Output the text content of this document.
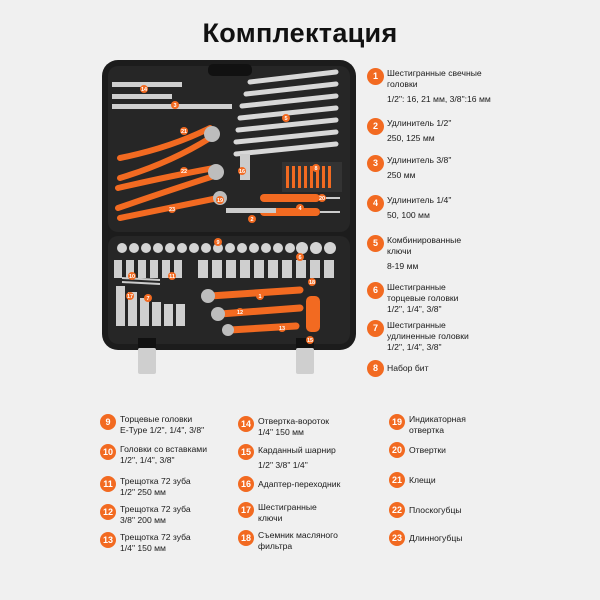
Комплектация
14
3
5
21
22	16	8
20
19
23	4
2
9
6
10	11
7
17	1
12
13
15
18
1	Шестигранные свечные
головки
1/2": 16, 21 мм, 3/8":16 мм
2	Удлинитель 1/2"
250, 125 мм
3	Удлинитель 3/8"
250 мм
4	Удлинитель 1/4"
50, 100 мм
5	Комбинированные
ключи
8-19 мм
6	Шестигранные
торцевые головки
1/2", 1/4", 3/8"
7	Шестигранные
удлиненные головки
1/2", 1/4", 3/8"
8	Набор бит
9	Торцевые головки
E-Type 1/2", 1/4", 3/8"
10 Головки со вставками
1/2", 1/4", 3/8"
11 Трещотка 72 зуба
1/2" 250 мм
12 Трещотка 72 зуба
3/8" 200 мм
13 Трещотка 72 зуба
1/4" 150 мм
14 Отвертка-вороток
1/4" 150 мм
15 Карданный шарнир
1/2" 3/8" 1/4"
16 Адаптер-переходник
17 Шестигранные
ключи
18 Съемник масляного
фильтра
19 Индикаторная
отвертка
20 Отвертки
21 Клещи
22 Плоскогубцы
23 Длинногубцы
